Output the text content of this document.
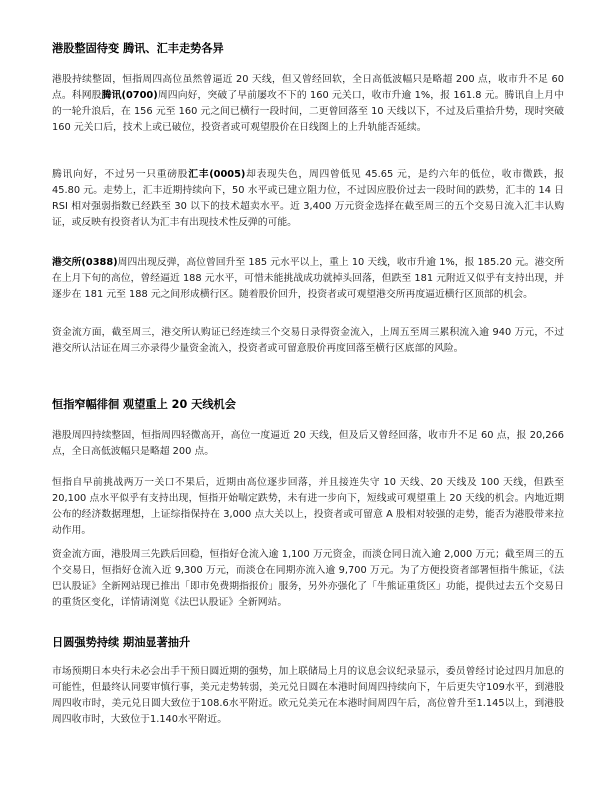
港股整固待变 腾讯、汇丰走势各异

港股持续整固，恒指周四高位虽然曾逼近 20 天线，但又曾经回软，全日高低波幅只是略超 200 点，收市升不足 60 点。科网股腾讯(0700)周四向好，突破了早前屡攻不下的 160 元关口，收市升逾 1%，报 161.8 元。腾讯自上月中的一轮升浪后，在 156 元至 160 元之间已横行一段时间，二更曾回落至 10 天线以下，不过及后重拾升势，现时突破 160 元关口后，技术上或已破位，投资者或可观望股价在日线图上的上升轨能否延续。

腾讯向好，不过另一只重磅股汇丰(0005)却表现失色，周四曾低见 45.65 元，是约六年的低位，收市微跌，报 45.80 元。走势上，汇丰近期持续向下，50 水平或已建立阻力位，不过因应股价过去一段时间的跌势，汇丰的 14 日 RSI 相对强弱指数已经跌至 30 以下的技术超卖水平。近 3,400 万元资金选择在截至周三的五个交易日流入汇丰认购证，或反映有投资者认为汇丰有出现技术性反弹的可能。

港交所(0388)周四出现反弹，高位曾回升至 185 元水平以上，重上 10 天线，收市升逾 1%，报 185.20 元。港交所在上月下旬的高位，曾经逼近 188 元水平，可惜未能挑战成功就掉头回落，但跌至 181 元附近又似乎有支持出现，并逐步在 181 元至 188 元之间形成横行区。随着股价回升，投资者或可观望港交所再度逼近横行区顶部的机会。

资金流方面，截至周三，港交所认购证已经连续三个交易日录得资金流入，上周五至周三累积流入逾 940 万元，不过港交所认沽证在周三亦录得少量资金流入，投资者或可留意股价再度回落至横行区底部的风险。

恒指窄幅徘徊 观望重上 20 天线机会

港股周四持续整固，恒指周四轻微高开，高位一度逼近 20 天线，但及后又曾经回落，收市升不足 60 点，报 20,266 点，全日高低波幅只是略超 200 点。

恒指自早前挑战两万一关口不果后，近期由高位逐步回落，并且接连失守 10 天线、20 天线及 100 天线，但跌至 20,100 点水平似乎有支持出现，恒指开始喘定跌势，未有进一步向下，短线或可观望重上 20 天线的机会。内地近期公布的经济数据理想，上证综指保持在 3,000 点大关以上，投资者或可留意 A 股相对较强的走势，能否为港股带来拉动作用。

资金流方面，港股周三先跌后回稳，恒指好仓流入逾 1,100 万元资金，而淡仓同日流入逾 2,000 万元；截至周三的五个交易日，恒指好仓流入近 9,300 万元，而淡仓在同期亦流入逾 9,700 万元。为了方便投资者部署恒指牛熊证，《法巴认股证》全新网站现已推出「即市免费期指报价」服务，另外亦强化了「牛熊证重货区」功能，提供过去五个交易日的重货区变化，详情请浏览《法巴认股证》全新网站。

日圆强势持续 期油显著抽升

市场预期日本央行未必会出手干预日圆近期的强势，加上联储局上月的议息会议纪录显示，委员曾经讨论过四月加息的可能性，但最终认同要审慎行事，美元走势转弱，美元兑日圆在本港时间周四持续向下，午后更失守109水平，到港股周四收市时，美元兑日圆大致位于108.6水平附近。欧元兑美元在本港时间周四午后，高位曾升至1.145以上，到港股周四收市时，大致位于1.140水平附近。
